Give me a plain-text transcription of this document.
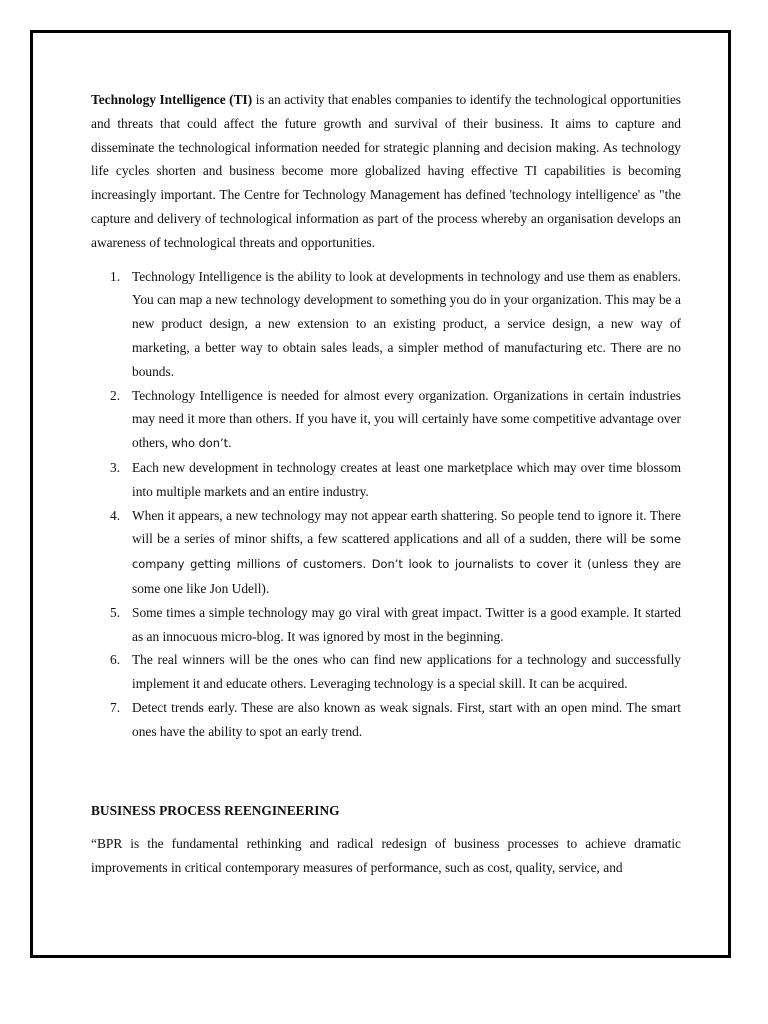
Technology Intelligence (TI) is an activity that enables companies to identify the technological opportunities and threats that could affect the future growth and survival of their business. It aims to capture and disseminate the technological information needed for strategic planning and decision making. As technology life cycles shorten and business become more globalized having effective TI capabilities is becoming increasingly important. The Centre for Technology Management has defined 'technology intelligence' as "the capture and delivery of technological information as part of the process whereby an organisation develops an awareness of technological threats and opportunities.

1. Technology Intelligence is the ability to look at developments in technology and use them as enablers. You can map a new technology development to something you do in your organization. This may be a new product design, a new extension to an existing product, a service design, a new way of marketing, a better way to obtain sales leads, a simpler method of manufacturing etc. There are no bounds.
2. Technology Intelligence is needed for almost every organization. Organizations in certain industries may need it more than others. If you have it, you will certainly have some competitive advantage over others, who don’t.
3. Each new development in technology creates at least one marketplace which may over time blossom into multiple markets and an entire industry.
4. When it appears, a new technology may not appear earth shattering. So people tend to ignore it. There will be a series of minor shifts, a few scattered applications and all of a sudden, there will be some company getting millions of customers. Don’t look to journalists to cover it (unless they are some one like Jon Udell).
5. Some times a simple technology may go viral with great impact. Twitter is a good example. It started as an innocuous micro-blog. It was ignored by most in the beginning.
6. The real winners will be the ones who can find new applications for a technology and successfully implement it and educate others. Leveraging technology is a special skill. It can be acquired.
7. Detect trends early. These are also known as weak signals. First, start with an open mind. The smart ones have the ability to spot an early trend.

BUSINESS PROCESS REENGINEERING

“BPR is the fundamental rethinking and radical redesign of business processes to achieve dramatic improvements in critical contemporary measures of performance, such as cost, quality, service, and
